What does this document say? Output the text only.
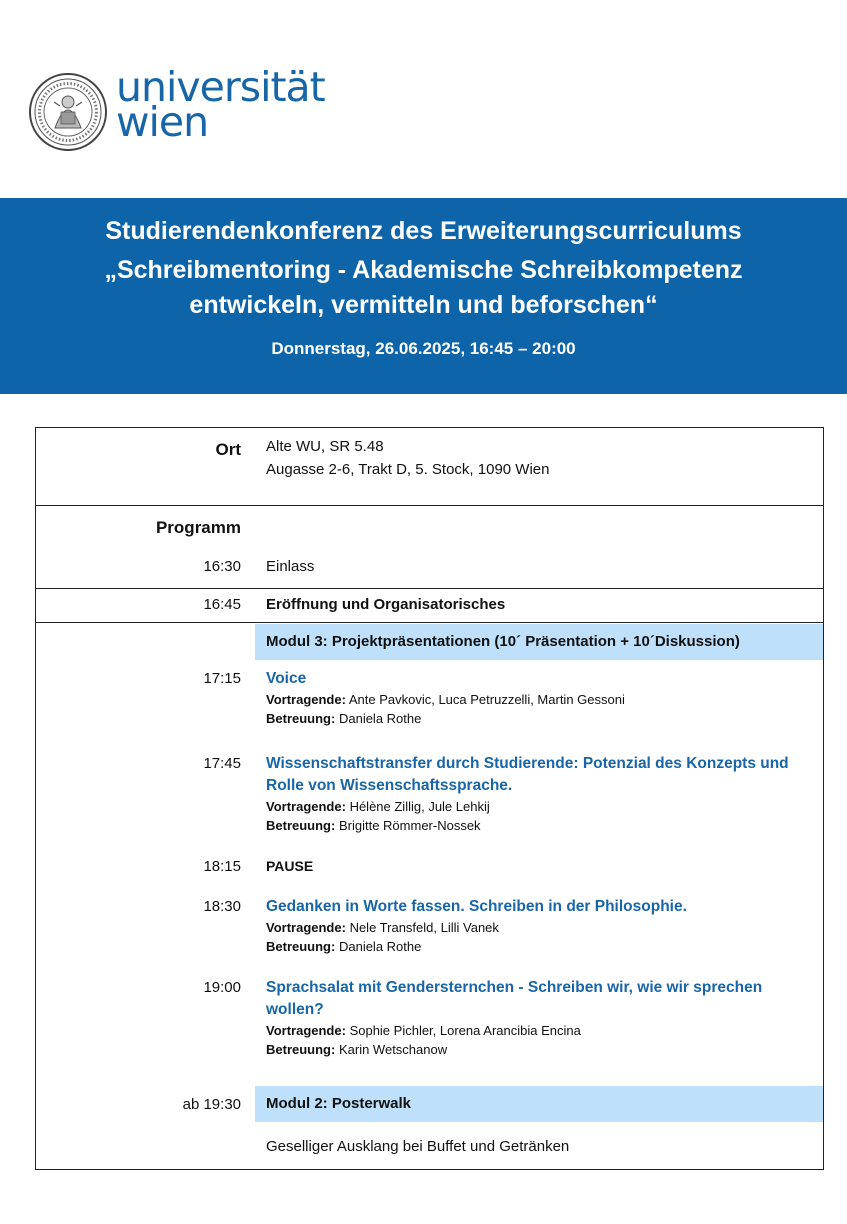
universität
wien
Studierendenkonferenz des Erweiterungscurriculums
„Schreibmentoring - Akademische Schreibkompetenz
entwickeln, vermitteln und beforschen“
Donnerstag, 26.06.2025, 16:45 – 20:00
Ort Alte WU, SR 5.48
Augasse 2-6, Trakt D, 5. Stock, 1090 Wien
Programm
16:30 Einlass
16:45 Eröffnung und Organisatorisches
Modul 3: Projektpräsentationen (10´ Präsentation + 10´Diskussion)
17:15 Voice
Vortragende: Ante Pavkovic, Luca Petruzzelli, Martin Gessoni
Betreuung: Daniela Rothe
17:45 Wissenschaftstransfer durch Studierende: Potenzial des Konzepts und
Rolle von Wissenschaftssprache.
Vortragende: Hélène Zillig, Jule Lehkij
Betreuung: Brigitte Römmer-Nossek
18:15 PAUSE
18:30 Gedanken in Worte fassen. Schreiben in der Philosophie.
Vortragende: Nele Transfeld, Lilli Vanek
Betreuung: Daniela Rothe
19:00 Sprachsalat mit Gendersternchen - Schreiben wir, wie wir sprechen
wollen?
Vortragende: Sophie Pichler, Lorena Arancibia Encina
Betreuung: Karin Wetschanow
ab 19:30	Modul 2: Posterwalk
Geselliger Ausklang bei Buffet und Getränken
